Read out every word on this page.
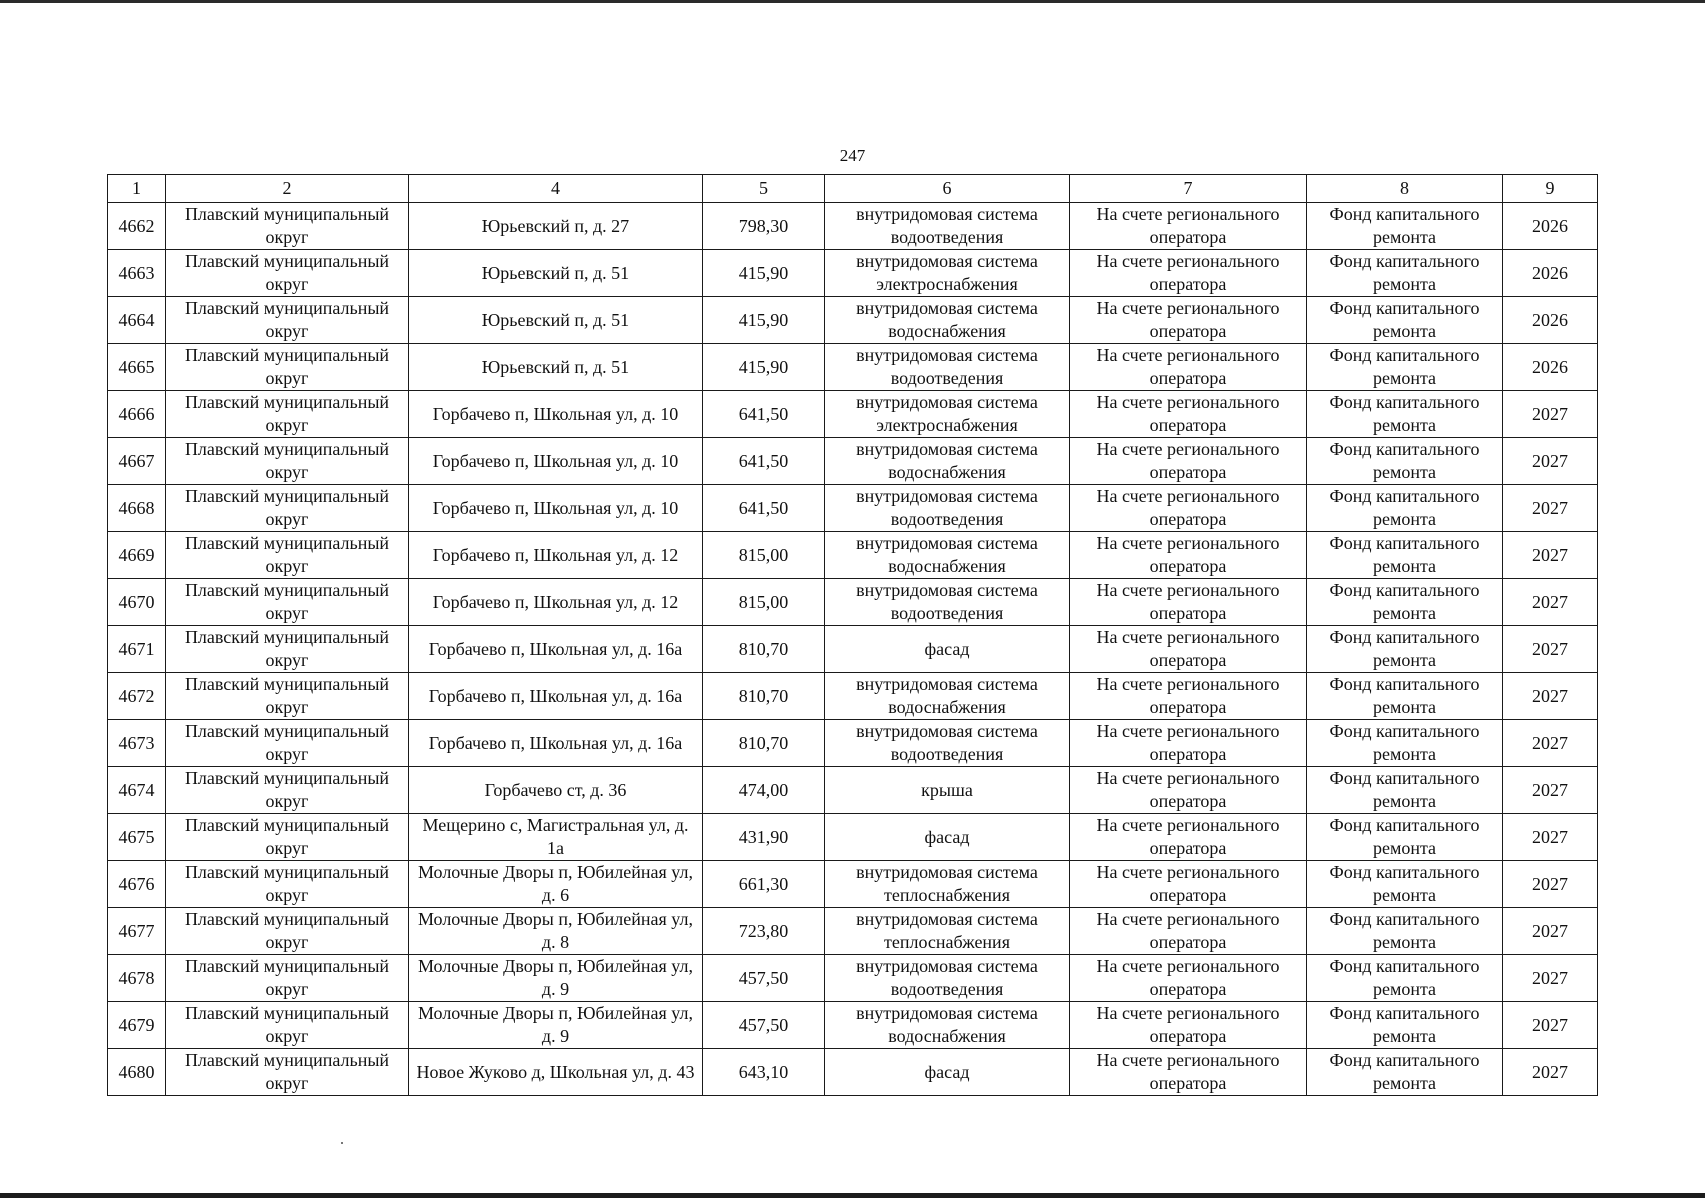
247
1	2	4	5	6	7	8	9
4662	Плавский муниципальный округ	Юрьевский п, д. 27	798,30	внутридомовая система водоотведения	На счете регионального оператора	Фонд капитального ремонта	2026
4663	Плавский муниципальный округ	Юрьевский п, д. 51	415,90	внутридомовая система электроснабжения	На счете регионального оператора	Фонд капитального ремонта	2026
4664	Плавский муниципальный округ	Юрьевский п, д. 51	415,90	внутридомовая система водоснабжения	На счете регионального оператора	Фонд капитального ремонта	2026
4665	Плавский муниципальный округ	Юрьевский п, д. 51	415,90	внутридомовая система водоотведения	На счете регионального оператора	Фонд капитального ремонта	2026
4666	Плавский муниципальный округ	Горбачево п, Школьная ул, д. 10	641,50	внутридомовая система электроснабжения	На счете регионального оператора	Фонд капитального ремонта	2027
4667	Плавский муниципальный округ	Горбачево п, Школьная ул, д. 10	641,50	внутридомовая система водоснабжения	На счете регионального оператора	Фонд капитального ремонта	2027
4668	Плавский муниципальный округ	Горбачево п, Школьная ул, д. 10	641,50	внутридомовая система водоотведения	На счете регионального оператора	Фонд капитального ремонта	2027
4669	Плавский муниципальный округ	Горбачево п, Школьная ул, д. 12	815,00	внутридомовая система водоснабжения	На счете регионального оператора	Фонд капитального ремонта	2027
4670	Плавский муниципальный округ	Горбачево п, Школьная ул, д. 12	815,00	внутридомовая система водоотведения	На счете регионального оператора	Фонд капитального ремонта	2027
4671	Плавский муниципальный округ	Горбачево п, Школьная ул, д. 16а	810,70	фасад	На счете регионального оператора	Фонд капитального ремонта	2027
4672	Плавский муниципальный округ	Горбачево п, Школьная ул, д. 16а	810,70	внутридомовая система водоснабжения	На счете регионального оператора	Фонд капитального ремонта	2027
4673	Плавский муниципальный округ	Горбачево п, Школьная ул, д. 16а	810,70	внутридомовая система водоотведения	На счете регионального оператора	Фонд капитального ремонта	2027
4674	Плавский муниципальный округ	Горбачево ст, д. 36	474,00	крыша	На счете регионального оператора	Фонд капитального ремонта	2027
4675	Плавский муниципальный округ	Мещерино с, Магистральная ул, д. 1а	431,90	фасад	На счете регионального оператора	Фонд капитального ремонта	2027
4676	Плавский муниципальный округ	Молочные Дворы п, Юбилейная ул, д. 6	661,30	внутридомовая система теплоснабжения	На счете регионального оператора	Фонд капитального ремонта	2027
4677	Плавский муниципальный округ	Молочные Дворы п, Юбилейная ул, д. 8	723,80	внутридомовая система теплоснабжения	На счете регионального оператора	Фонд капитального ремонта	2027
4678	Плавский муниципальный округ	Молочные Дворы п, Юбилейная ул, д. 9	457,50	внутридомовая система водоотведения	На счете регионального оператора	Фонд капитального ремонта	2027
4679	Плавский муниципальный округ	Молочные Дворы п, Юбилейная ул, д. 9	457,50	внутридомовая система водоснабжения	На счете регионального оператора	Фонд капитального ремонта	2027
4680	Плавский муниципальный округ	Новое Жуково д, Школьная ул, д. 43	643,10	фасад	На счете регионального оператора	Фонд капитального ремонта	2027
